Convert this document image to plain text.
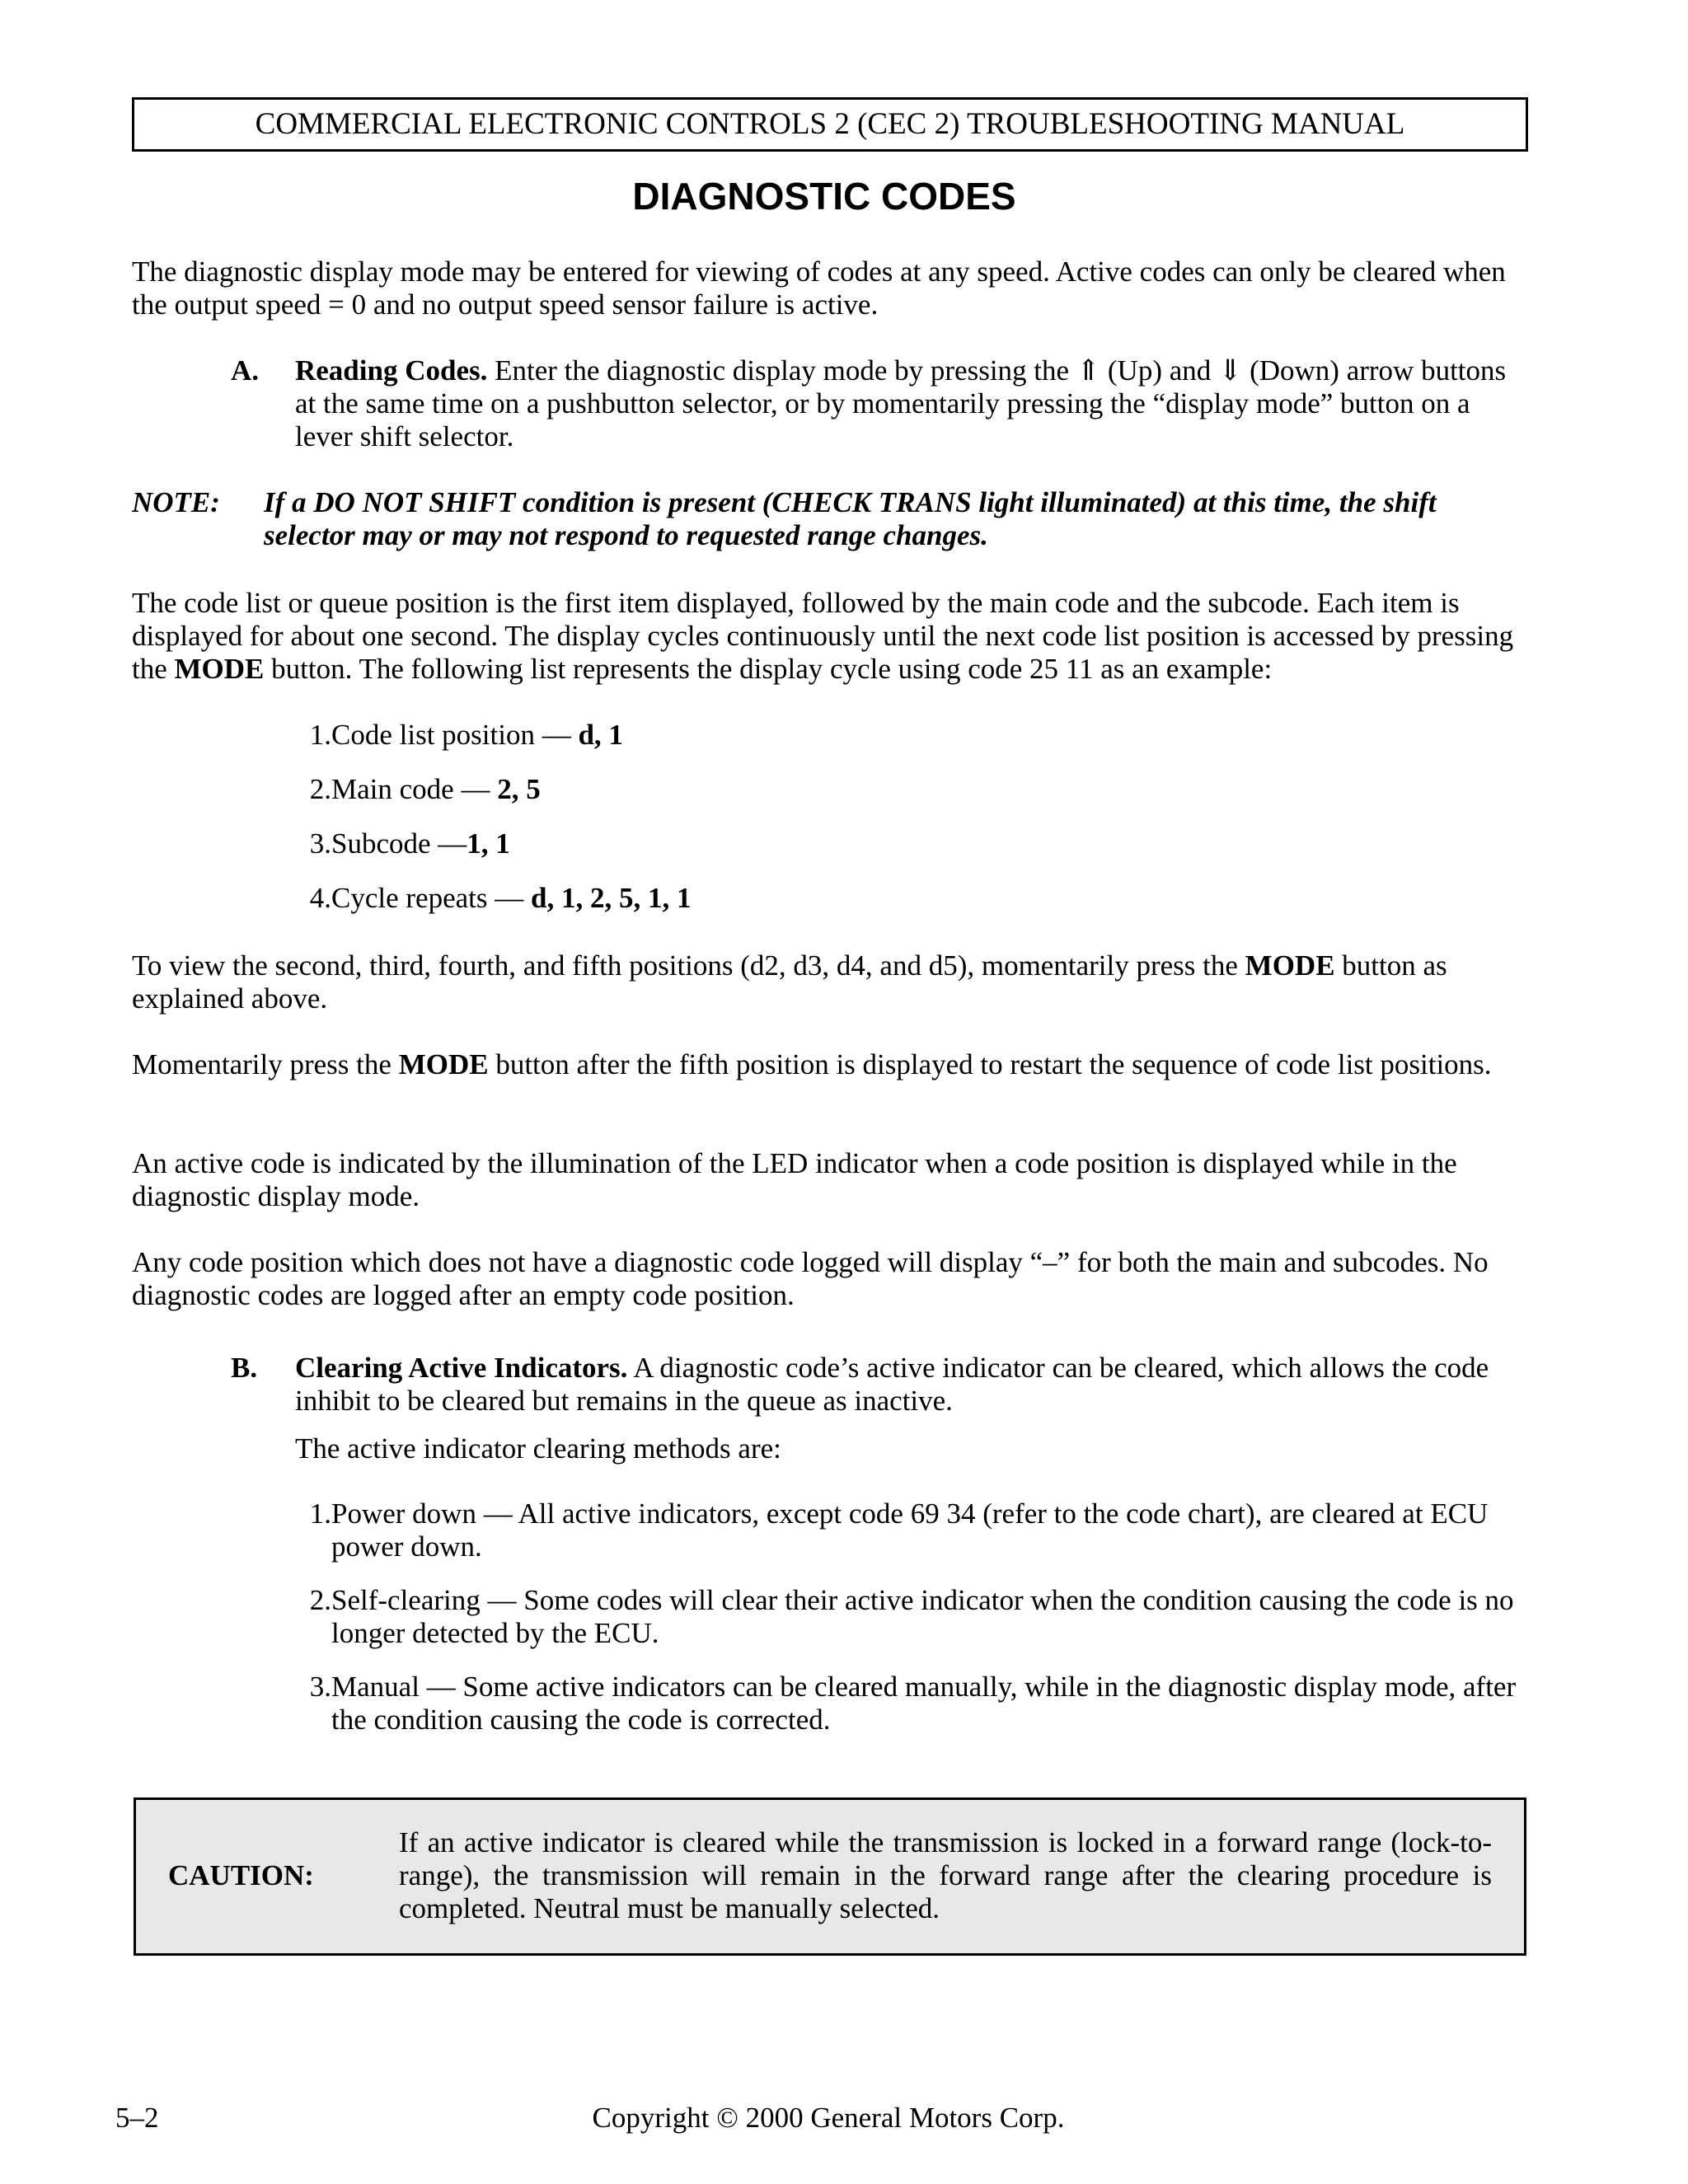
COMMERCIAL ELECTRONIC CONTROLS 2 (CEC 2) TROUBLESHOOTING MANUAL
DIAGNOSTIC CODES
The diagnostic display mode may be entered for viewing of codes at any speed. Active codes can only be cleared when the output speed = 0 and no output speed sensor failure is active.
A.	Reading Codes. Enter the diagnostic display mode by pressing the ⇑ (Up) and ⇓ (Down) arrow buttons at the same time on a pushbutton selector, or by momentarily pressing the “display mode” button on a lever shift selector.
NOTE: If a DO NOT SHIFT condition is present (CHECK TRANS light illuminated) at this time, the shift selector may or may not respond to requested range changes.
The code list or queue position is the first item displayed, followed by the main code and the subcode. Each item is displayed for about one second. The display cycles continuously until the next code list position is accessed by pressing the MODE button. The following list represents the display cycle using code 25 11 as an example:
1. Code list position — d, 1
2. Main code — 2, 5
3. Subcode —1, 1
4. Cycle repeats — d, 1, 2, 5, 1, 1
To view the second, third, fourth, and fifth positions (d2, d3, d4, and d5), momentarily press the MODE button as explained above.
Momentarily press the MODE button after the fifth position is displayed to restart the sequence of code list positions.
An active code is indicated by the illumination of the LED indicator when a code position is displayed while in the diagnostic display mode.
Any code position which does not have a diagnostic code logged will display “–” for both the main and subcodes. No diagnostic codes are logged after an empty code position.
B.	Clearing Active Indicators. A diagnostic code’s active indicator can be cleared, which allows the code inhibit to be cleared but remains in the queue as inactive.
The active indicator clearing methods are:
1. Power down — All active indicators, except code 69 34 (refer to the code chart), are cleared at ECU power down.
2. Self-clearing — Some codes will clear their active indicator when the condition causing the code is no longer detected by the ECU.
3. Manual — Some active indicators can be cleared manually, while in the diagnostic display mode, after the condition causing the code is corrected.
CAUTION:
If an active indicator is cleared while the transmission is locked in a forward range (lock-to-range), the transmission will remain in the forward range after the clearing procedure is completed. Neutral must be manually selected.
5–2	Copyright © 2000 General Motors Corp.
